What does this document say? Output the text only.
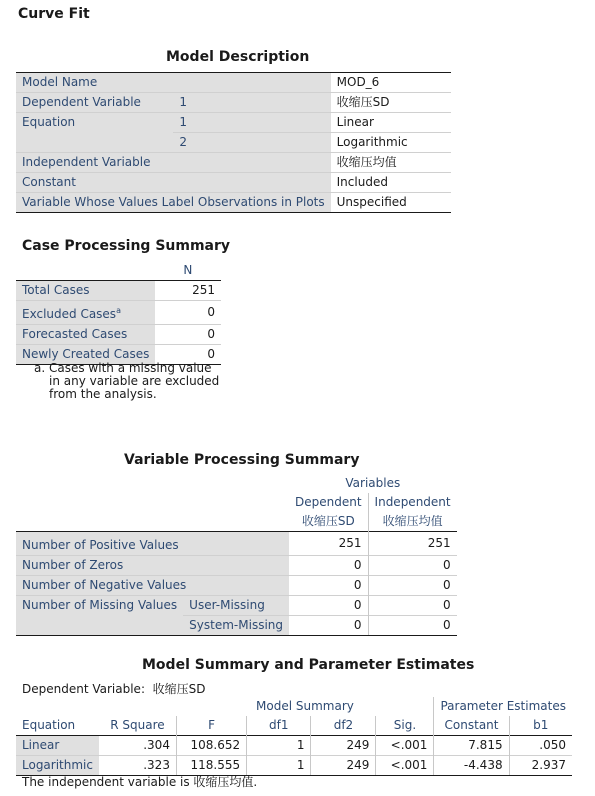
Curve Fit
Model Description
Model Name		MOD_6
Dependent Variable	1	收缩压SD
Equation	1	Linear
	2	Logarithmic
Independent Variable		收缩压均值
Constant		Included
Variable Whose Values Label Observations in Plots		Unspecified
Case Processing Summary
	N
Total Cases	251
Excluded Cases$^a$	0
Forecasted Cases	0
Newly Created Cases	0
a. Cases with a missing value in any variable are excluded from the analysis.
Variable Processing Summary
		Variables	
		Dependent	Independent
		收缩压SD	收缩压均值
Number of Positive Values		251	251
Number of Zeros		0	0
Number of Negative Values		0	0
Number of Missing Values	User-Missing	0	0
	System-Missing	0	0
Model Summary and Parameter Estimates
Dependent Variable: 收缩压SD
		Model Summary				Parameter Estimates	
Equation	R Square	F	df1	df2	Sig.	Constant	b1
Linear	.304	108.652	1	249	<.001	7.815	.050
Logarithmic	.323	118.555	1	249	<.001	-4.438	2.937
The independent variable is 收缩压均值.
